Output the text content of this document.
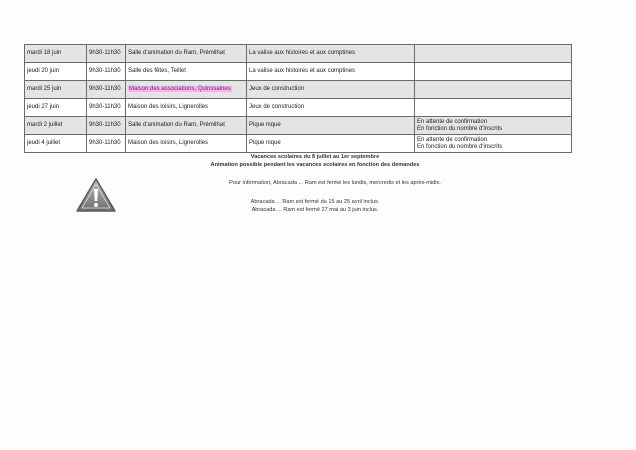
mardi 18 juin	9h30-11h30	Salle d'animation du Ram, Prémilhat	La valise aux histoires et aux comptines	
jeudi 20 juin	9h30-11h30	Salle des fêtes, Teillet	La valise aux histoires et aux comptines	
mardi 25 juin	9h30-11h30	Maison des associations, Quinssaines	Jeux de construction	
jeudi 27 juin	9h30-11h30	Maison des loisirs, Lignerolles	Jeux de construction	
mardi 2 juillet	9h30-11h30	Salle d'animation du Ram, Prémilhat	Pique nique	En attente de confirmation
En fonction du nombre d'inscrits

jeudi 4 juillet	9h30-11h30	Maison des loisirs, Lignerolles	Pique nique	En attente de confirmation
En fonction du nombre d'inscrits
Vacances scolaires du 8 juillet au 1er septembre
Animation possible pendant les vacances scolaires en fonction des demandes
Pour information, Abracada ... Ram est fermé les lundis, mercredis et les après-midis.
Abracada ... Ram est fermé du 15 au 25 avril inclus.
Abracada ... Ram est fermé 27 mai au 3 juin inclus.
